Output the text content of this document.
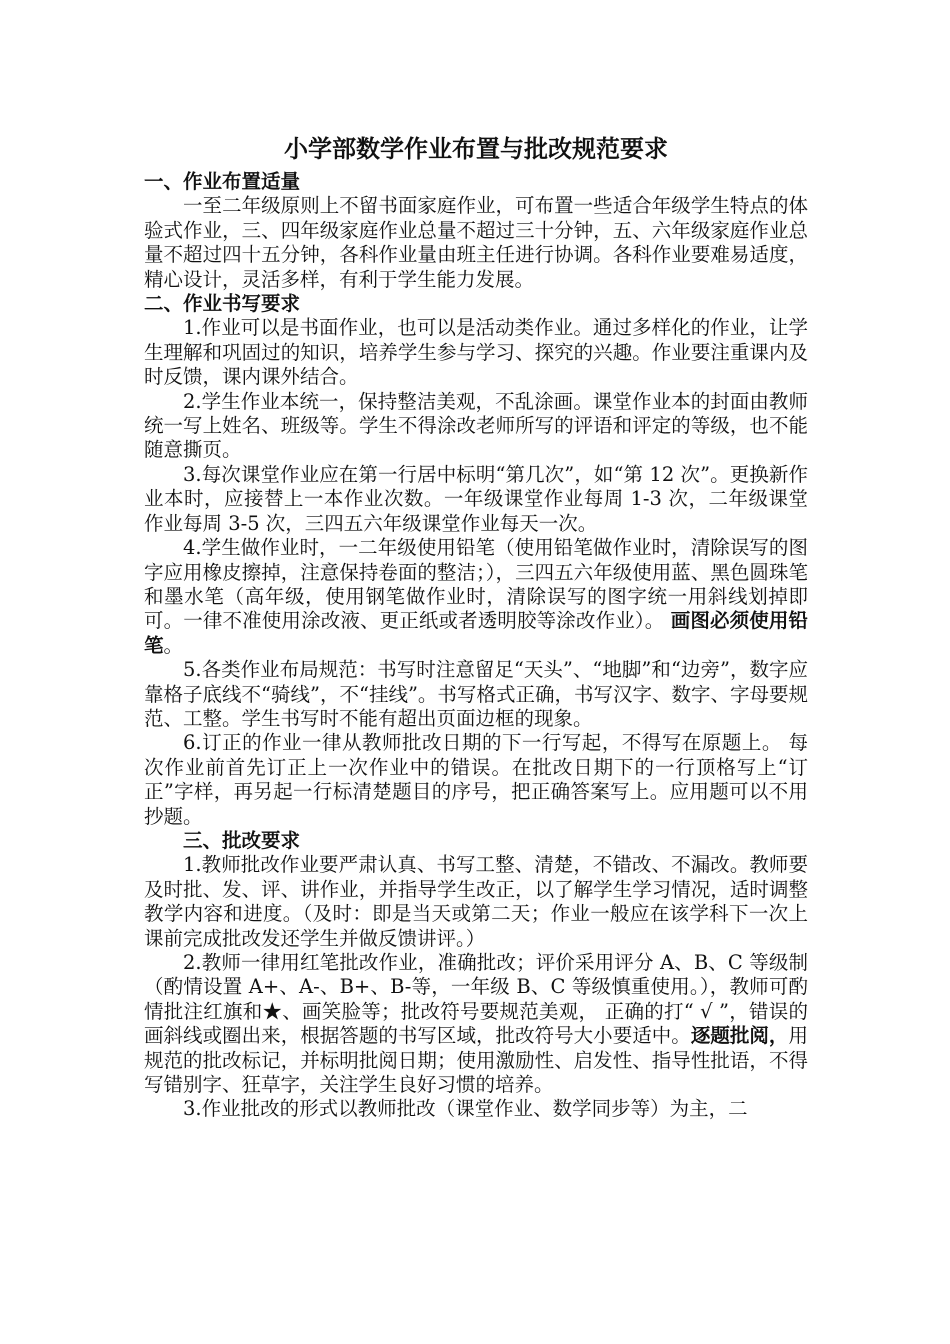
小学部数学作业布置与批改规范要求
一、作业布置适量

一至二年级原则上不留书面家庭作业，可布置一些适合年级学生特点的体验式作业，三、四年级家庭作业总量不超过三十分钟，五、六年级家庭作业总量不超过四十五分钟，各科作业量由班主任进行协调。各科作业要难易适度，精心设计，灵活多样，有利于学生能力发展。

二、作业书写要求

1.作业可以是书面作业，也可以是活动类作业。通过多样化的作业，让学生理解和巩固过的知识，培养学生参与学习、探究的兴趣。作业要注重课内及时反馈，课内课外结合。

2.学生作业本统一，保持整洁美观，不乱涂画。课堂作业本的封面由教师统一写上姓名、班级等。学生不得涂改老师所写的评语和评定的等级，也不能随意撕页。

3.每次课堂作业应在第一行居中标明“第几次”，如“第 12 次”。更换新作业本时，应接替上一本作业次数。一年级课堂作业每周 1-3 次，二年级课堂作业每周 3-5 次，三四五六年级课堂作业每天一次。

4.学生做作业时，一二年级使用铅笔（使用铅笔做作业时，清除误写的图字应用橡皮擦掉，注意保持卷面的整洁；），三四五六年级使用蓝、黑色圆珠笔和墨水笔（高年级，使用钢笔做作业时，清除误写的图字统一用斜线划掉即可。一律不准使用涂改液、更正纸或者透明胶等涂改作业）。 画图必须使用铅笔。

5.各类作业布局规范：书写时注意留足“天头”、“地脚”和“边旁”，数字应靠格子底线不“骑线”，不“挂线”。书写格式正确，书写汉字、数字、字母要规范、工整。学生书写时不能有超出页面边框的现象。

6.订正的作业一律从教师批改日期的下一行写起，不得写在原题上。 每次作业前首先订正上一次作业中的错误。在批改日期下的一行顶格写上“订正”字样，再另起一行标清楚题目的序号，把正确答案写上。应用题可以不用抄题。

三、批改要求

1.教师批改作业要严肃认真、书写工整、清楚，不错改、不漏改。教师要及时批、发、评、讲作业，并指导学生改正，以了解学生学习情况，适时调整教学内容和进度。（及时：即是当天或第二天；作业一般应在该学科下一次上课前完成批改发还学生并做反馈讲评。）

2.教师一律用红笔批改作业，准确批改；评价采用评分 A、B、C 等级制（酌情设置 A+、A-、B+、B-等，一年级 B、C 等级慎重使用。），教师可酌情批注红旗和★、画笑脸等；批改符号要规范美观， 正确的打“ √ ”，错误的画斜线或圈出来，根据答题的书写区域，批改符号大小要适中。逐题批阅，用规范的批改标记，并标明批阅日期；使用激励性、启发性、指导性批语，不得写错别字、狂草字，关注学生良好习惯的培养。

3.作业批改的形式以教师批改（课堂作业、数学同步等）为主，二
